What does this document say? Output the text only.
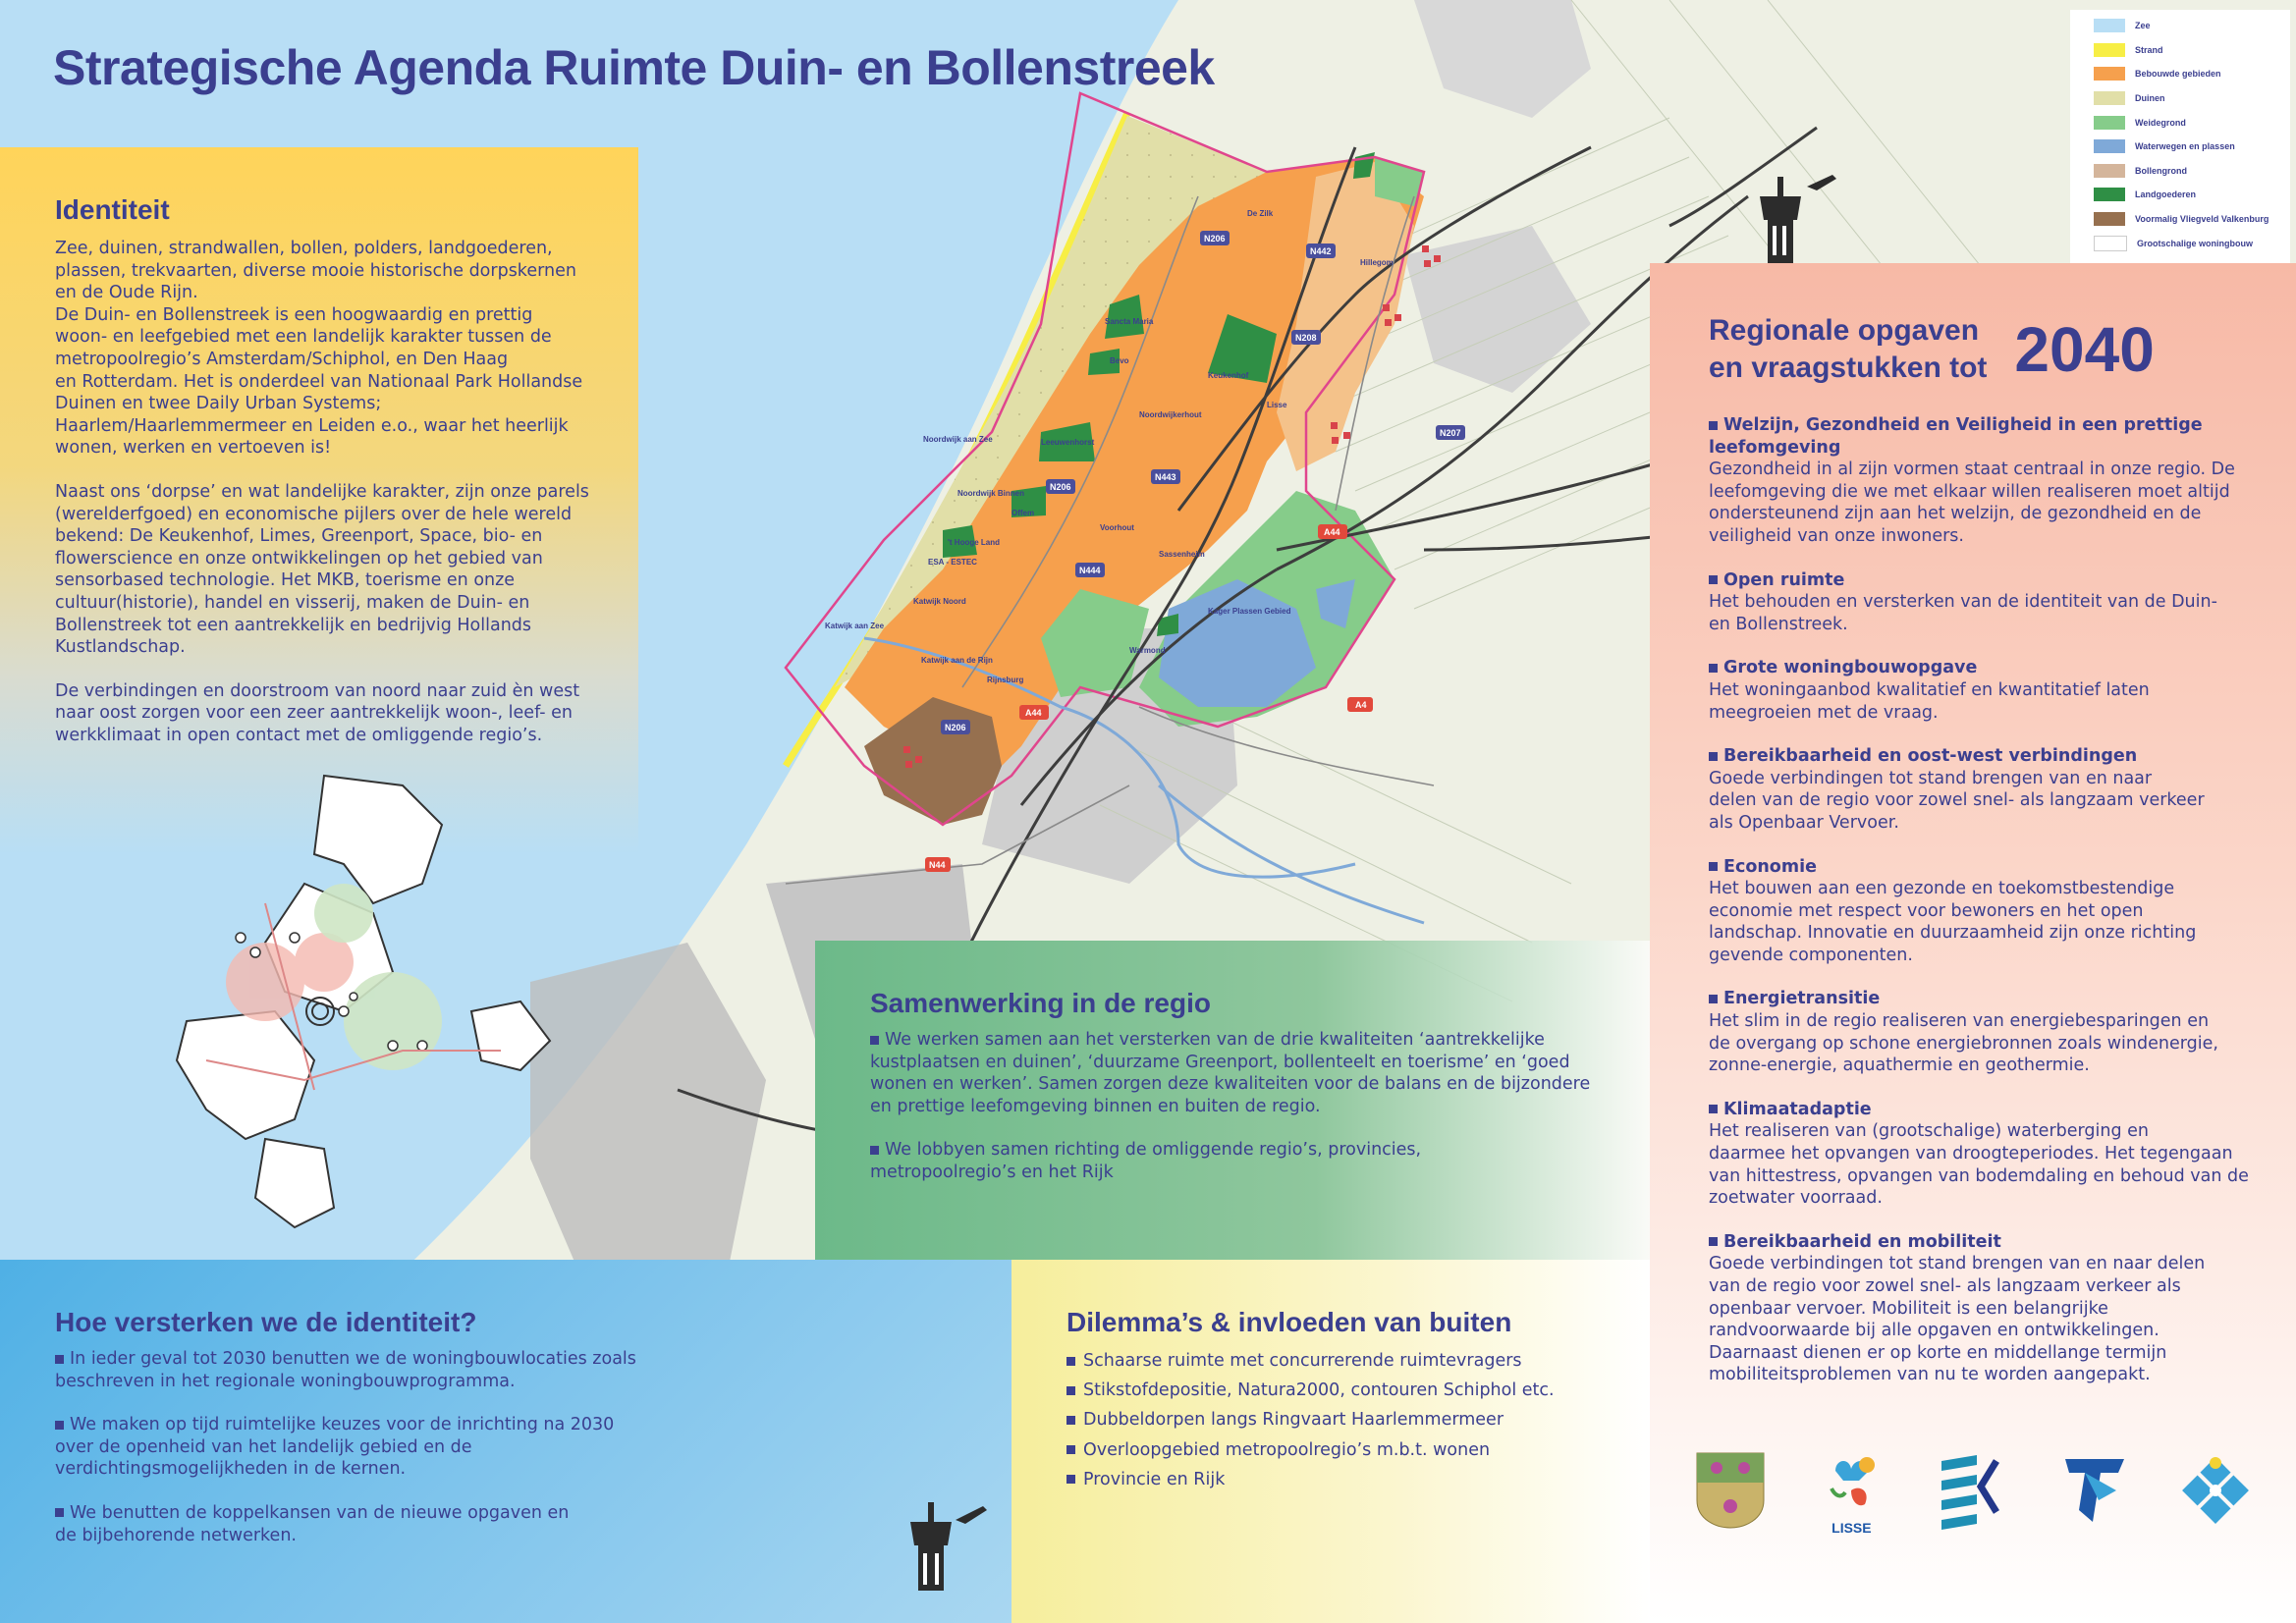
De Zilk
Hillegom
Sancta Maria
Bevo
Keukenhof
Noordwijkerhout
Lisse
Noordwijk aan Zee	Leeuwenhorst
Noordwijk Binnen
Offem
Voorhout
Sassenheim
't Hooge Land
ESA - ESTEC
Katwijk Noord
Katwijk aan Zee
Kager Plassen Gebied
Warmond
Katwijk aan de Rijn
Rijnsburg
N206
N442
N208
N207
N443
N206
N444
A44
A4
A44
N206
N44
Strategische Agenda Ruimte Duin- en Bollenstreek
Zee
Strand
Bebouwde gebieden
Duinen
Weidegrond
Waterwegen en plassen
Bollengrond
Landgoederen
Voormalig Vliegveld Valkenburg
Grootschalige woningbouw
Identiteit

Zee, duinen, strandwallen, bollen, polders, landgoederen,
plassen, trekvaarten, diverse mooie historische dorpskernen
en de Oude Rijn.
De Duin- en Bollenstreek is een hoogwaardig en prettig
woon- en leefgebied met een landelijk karakter tussen de
metropoolregio’s Amsterdam/Schiphol, en Den Haag
en Rotterdam. Het is onderdeel van Nationaal Park Hollandse
Duinen en twee Daily Urban Systems;
Haarlem/Haarlemmermeer en Leiden e.o., waar het heerlijk
wonen, werken en vertoeven is!

Naast ons ‘dorpse’ en wat landelijke karakter, zijn onze parels
(werelderfgoed) en economische pijlers over de hele wereld
bekend: De Keukenhof, Limes, Greenport, Space, bio- en
flowerscience en onze ontwikkelingen op het gebied van
sensorbased technologie. Het MKB, toerisme en onze
cultuur(historie), handel en visserij, maken de Duin- en
Bollenstreek tot een aantrekkelijk en bedrijvig Hollands
Kustlandschap.

De verbindingen en doorstroom van noord naar zuid èn west
naar oost zorgen voor een zeer aantrekkelijk woon-, leef- en
werkklimaat in open contact met de omliggende regio’s.

Samenwerking in de regio

We werken samen aan het versterken van de drie kwaliteiten ‘aantrekkelijke
kustplaatsen en duinen’, ‘duurzame Greenport, bollenteelt en toerisme’ en ‘goed
wonen en werken’. Samen zorgen deze kwaliteiten voor de balans en de bijzondere
en prettige leefomgeving binnen en buiten de regio.

We lobbyen samen richting de omliggende regio’s, provincies,
metropoolregio’s en het Rijk

Hoe versterken we de identiteit?

In ieder geval tot 2030 benutten we de woningbouwlocaties zoals
beschreven in het regionale woningbouwprogramma.

We maken op tijd ruimtelijke keuzes voor de inrichting na 2030
over de openheid van het landelijk gebied en de
verdichtingsmogelijkheden in de kernen.

We benutten de koppelkansen van de nieuwe opgaven en
de bijbehorende netwerken.

Dilemma’s & invloeden van buiten
Schaarse ruimte met concurrerende ruimtevragers
Stikstofdepositie, Natura2000, contouren Schiphol etc.
Dubbeldorpen langs Ringvaart Haarlemmermeer
Overloopgebied metropoolregio’s m.b.t. wonen
Provincie en Rijk
Regionale opgaven
en vraagstukken tot 2040
Welzijn, Gezondheid en Veiligheid in een prettige
leefomgeving

Gezondheid in al zijn vormen staat centraal in onze regio. De
leefomgeving die we met elkaar willen realiseren moet altijd
ondersteunend zijn aan het welzijn, de gezondheid en de
veiligheid van onze inwoners.

Open ruimte

Het behouden en versterken van de identiteit van de Duin-
en Bollenstreek.

Grote woningbouwopgave

Het woningaanbod kwalitatief en kwantitatief laten
meegroeien met de vraag.

Bereikbaarheid en oost-west verbindingen

Goede verbindingen tot stand brengen van en naar
delen van de regio voor zowel snel- als langzaam verkeer
als Openbaar Vervoer.

Economie

Het bouwen aan een gezonde en toekomstbestendige
economie met respect voor bewoners en het open
landschap. Innovatie en duurzaamheid zijn onze richting
gevende componenten.

Energietransitie

Het slim in de regio realiseren van energiebesparingen en
de overgang op schone energiebronnen zoals windenergie,
zonne-energie, aquathermie en geothermie.

Klimaatadaptie

Het realiseren van (grootschalige) waterberging en
daarmee het opvangen van droogteperiodes. Het tegengaan
van hittestress, opvangen van bodemdaling en behoud van de
zoetwater voorraad.

Bereikbaarheid en mobiliteit

Goede verbindingen tot stand brengen van en naar delen
van de regio voor zowel snel- als langzaam verkeer als
openbaar vervoer. Mobiliteit is een belangrijke
randvoorwaarde bij alle opgaven en ontwikkelingen.
Daarnaast dienen er op korte en middellange termijn
mobiliteitsproblemen van nu te worden aangepakt.

LISSE
